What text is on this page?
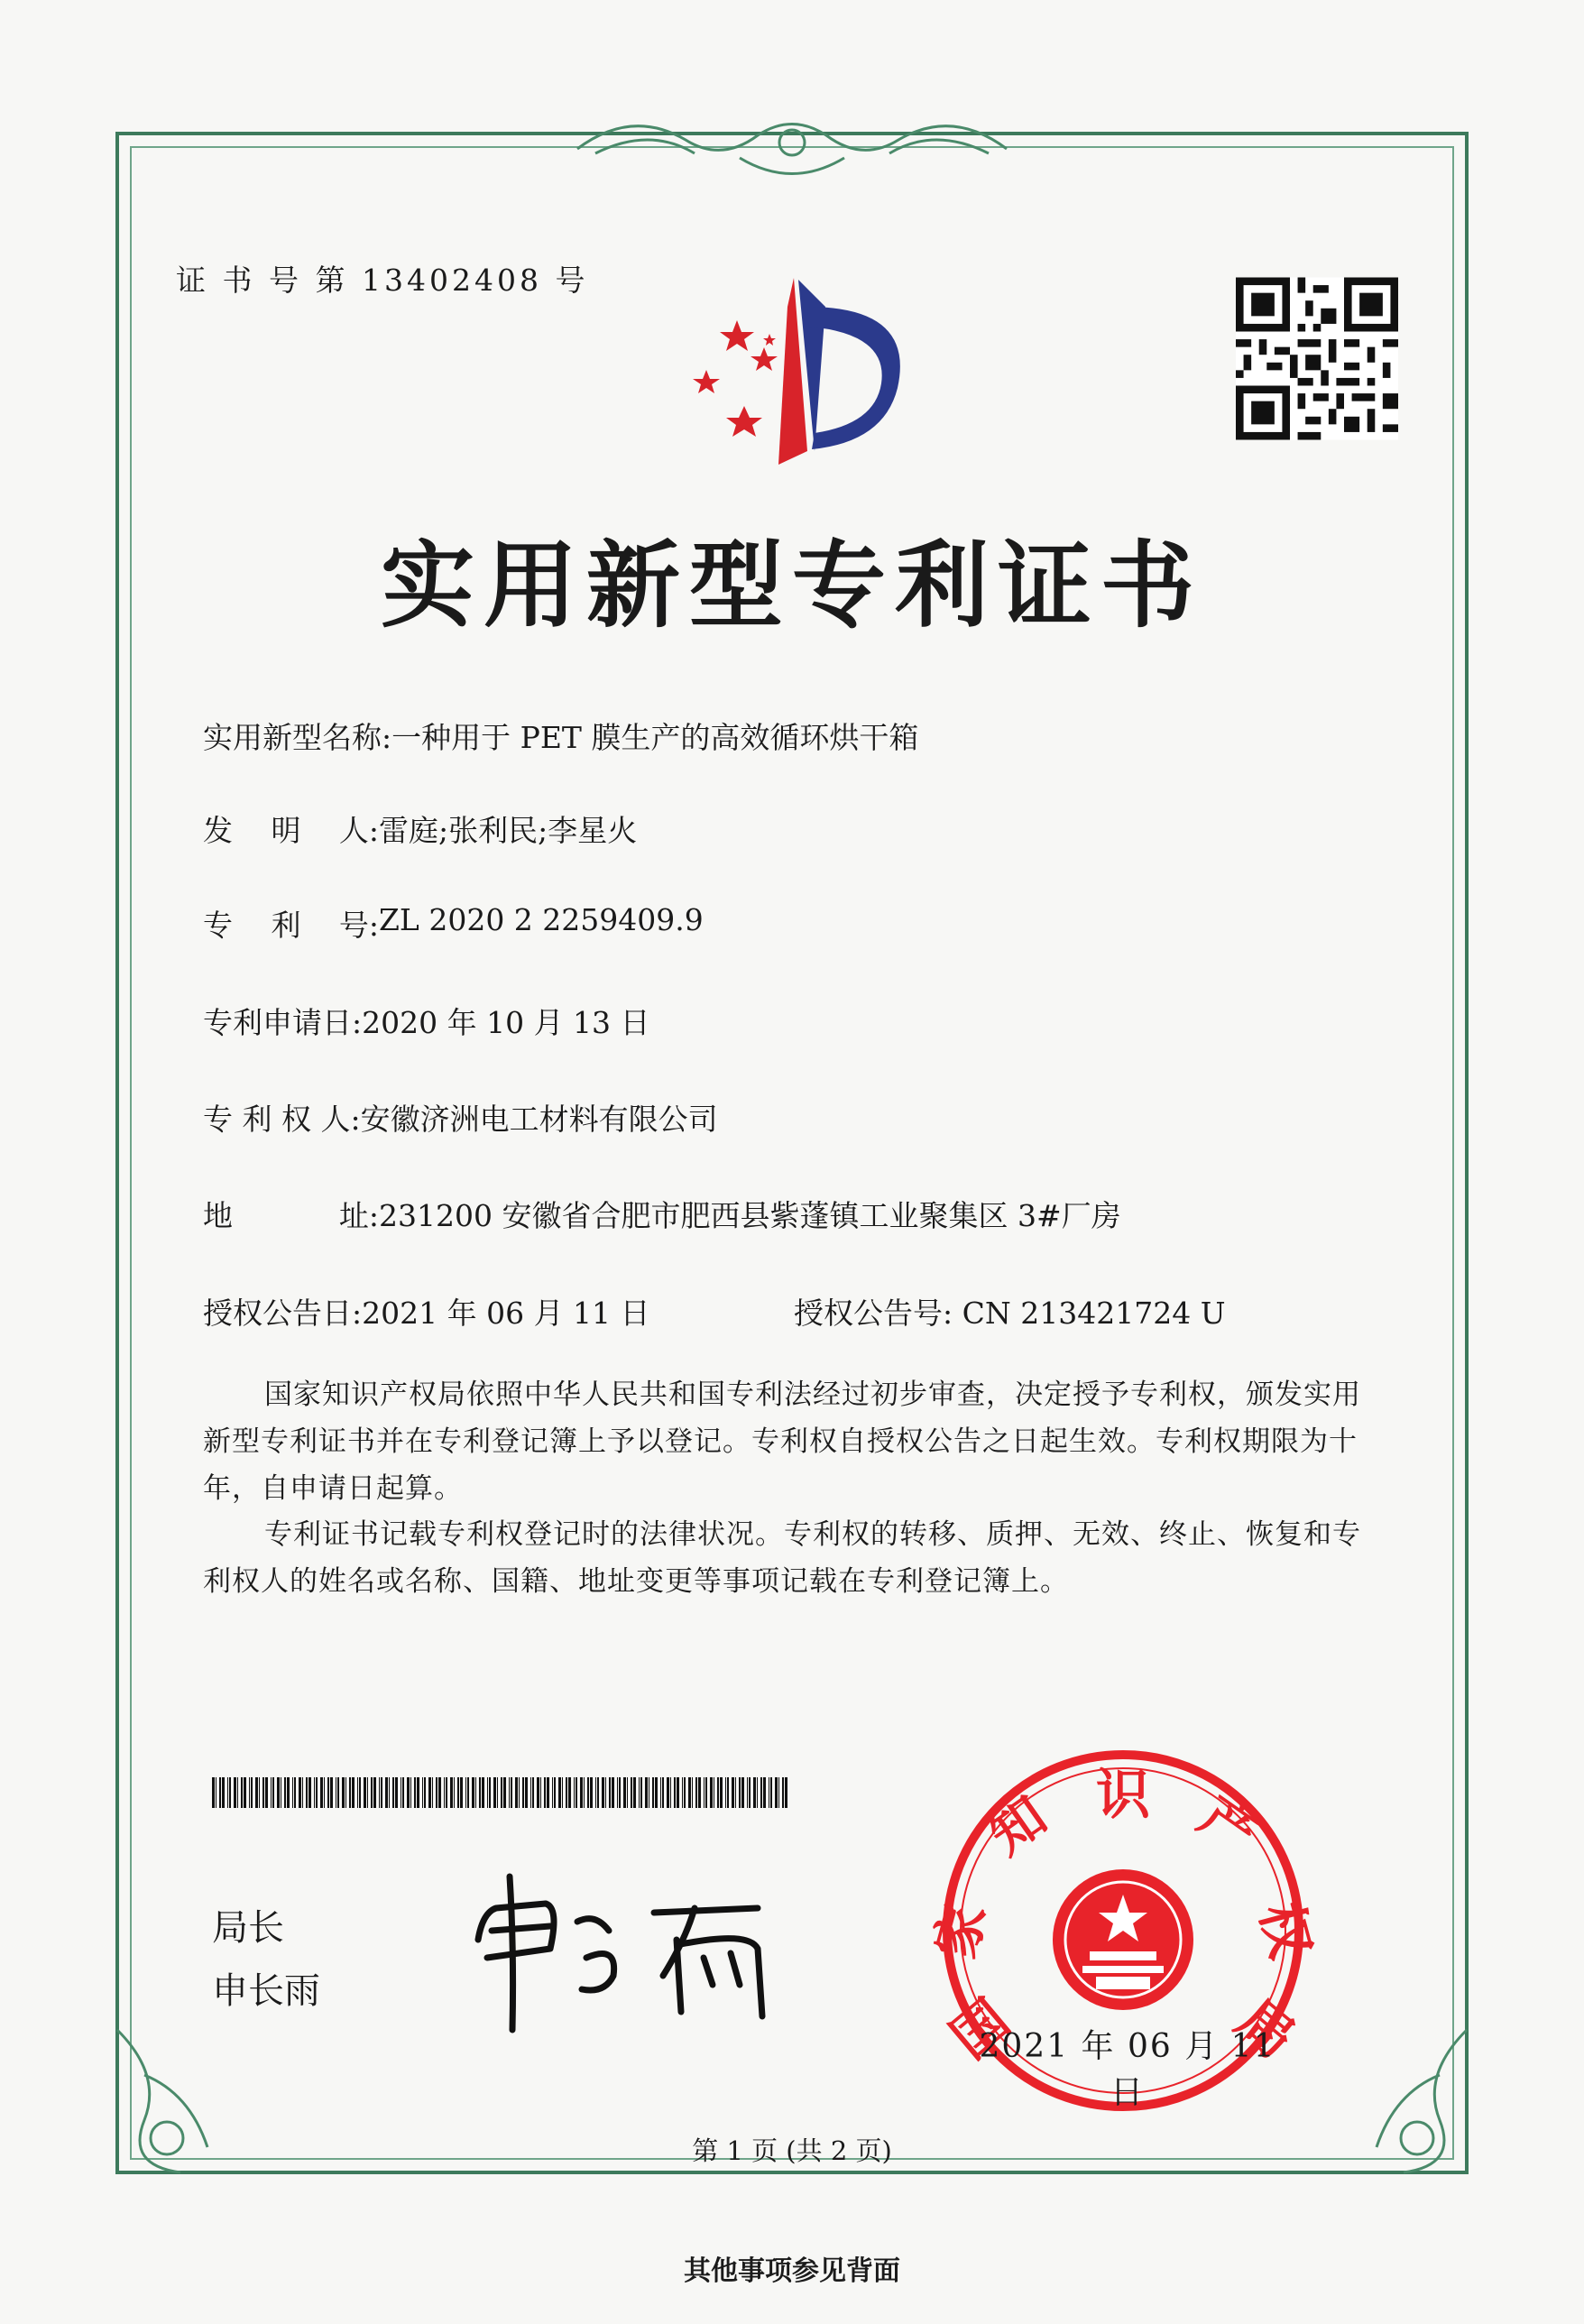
证 书 号 第 13402408 号
实用新型专利证书
实用新型名称: 一种用于 PET 膜生产的高效循环烘干箱
发 明 人: 雷庭;张利民;李星火
专 利 号: ZL 2020 2 2259409.9
专利申请日: 2020 年 10 月 13 日
专 利 权 人: 安徽济洲电工材料有限公司
地	址: 231200 安徽省合肥市肥西县紫蓬镇工业聚集区 3#厂房
授权公告日: 2021 年 06 月 11 日	授权公告号: CN 213421724 U
国家知识产权局依照中华人民共和国专利法经过初步审查，决定授予专利权，颁发实用新型专利证书并在专利登记簿上予以登记。专利权自授权公告之日起生效。专利权期限为十年，自申请日起算。
专利证书记载专利权登记时的法律状况。专利权的转移、质押、无效、终止、恢复和专利权人的姓名或名称、国籍、地址变更等事项记载在专利登记簿上。
局长
申长雨	国
家
知 识 产
权
局
2021 年 06 月 11 日
第 1 页 (共 2 页)
其他事项参见背面
